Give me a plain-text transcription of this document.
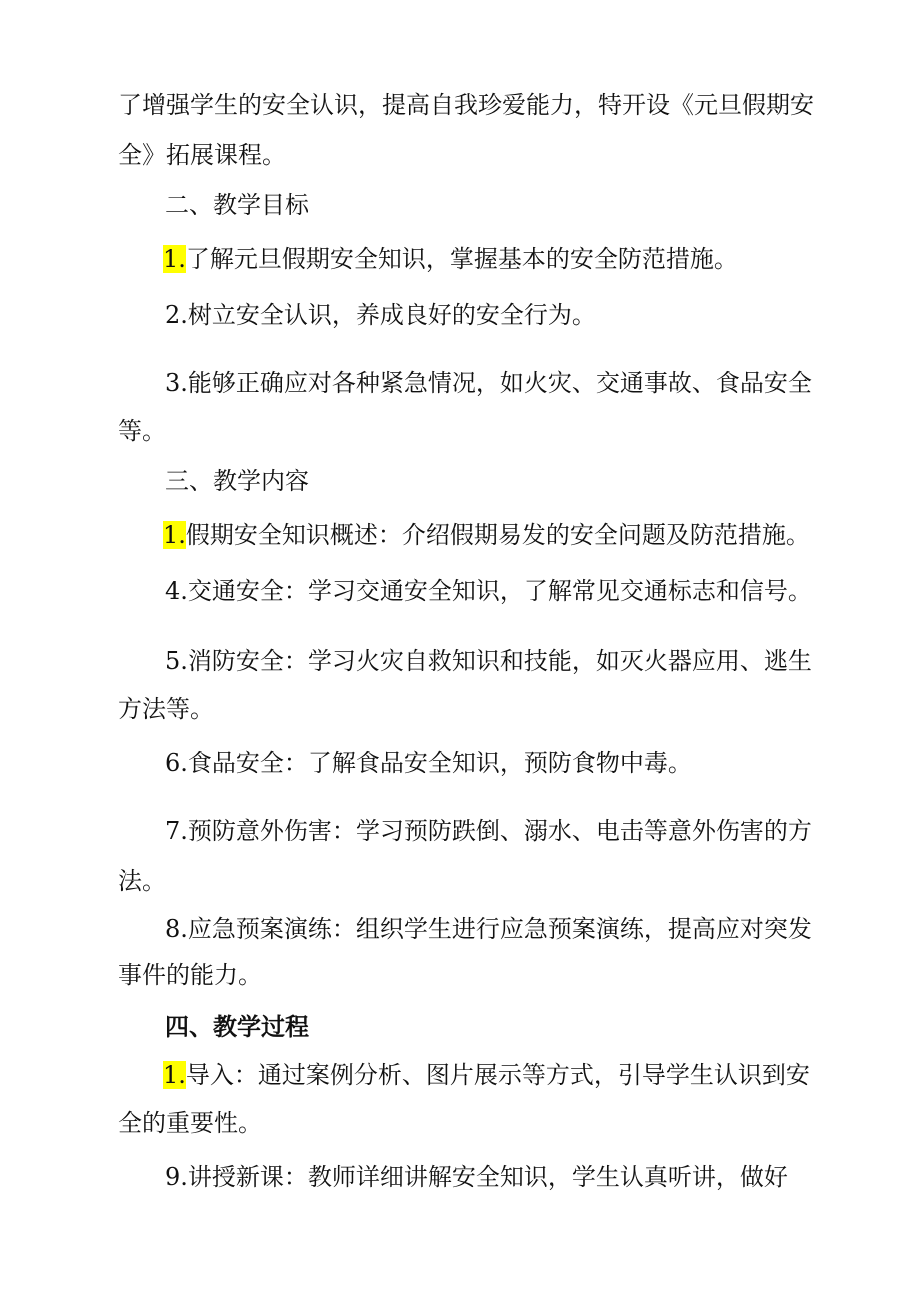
了增强学生的安全认识，提高自我珍爱能力，特开设《元旦假期安
全》拓展课程。
二、教学目标
1.了解元旦假期安全知识，掌握基本的安全防范措施。
2.树立安全认识，养成良好的安全行为。
3.能够正确应对各种紧急情况，如火灾、交通事故、食品安全
等。
三、教学内容
1.假期安全知识概述：介绍假期易发的安全问题及防范措施。
4.交通安全：学习交通安全知识，了解常见交通标志和信号。
5.消防安全：学习火灾自救知识和技能，如灭火器应用、逃生
方法等。
6.食品安全：了解食品安全知识，预防食物中毒。
7.预防意外伤害：学习预防跌倒、溺水、电击等意外伤害的方
法。
8.应急预案演练：组织学生进行应急预案演练，提高应对突发
事件的能力。
四、教学过程
1.导入：通过案例分析、图片展示等方式，引导学生认识到安
全的重要性。
9.讲授新课：教师详细讲解安全知识，学生认真听讲，做好
